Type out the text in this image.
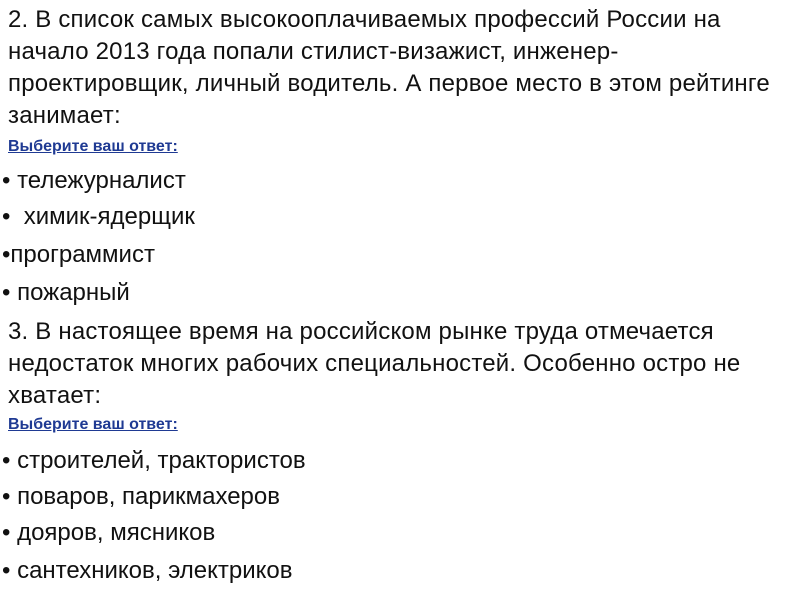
2. В список самых высокооплачиваемых профессий России на начало 2013 года попали стилист-визажист, инженер-проектировщик, личный водитель. А первое место в этом рейтинге занимает:

Выберите ваш ответ:
• тележурналист
•  химик-ядерщик
•программист
• пожарный

3. В настоящее время на российском рынке труда отмечается недостаток многих рабочих специальностей. Особенно остро не хватает:

Выберите ваш ответ:
• строителей, трактористов
• поваров, парикмахеров
• дояров, мясников
• сантехников, электриков
